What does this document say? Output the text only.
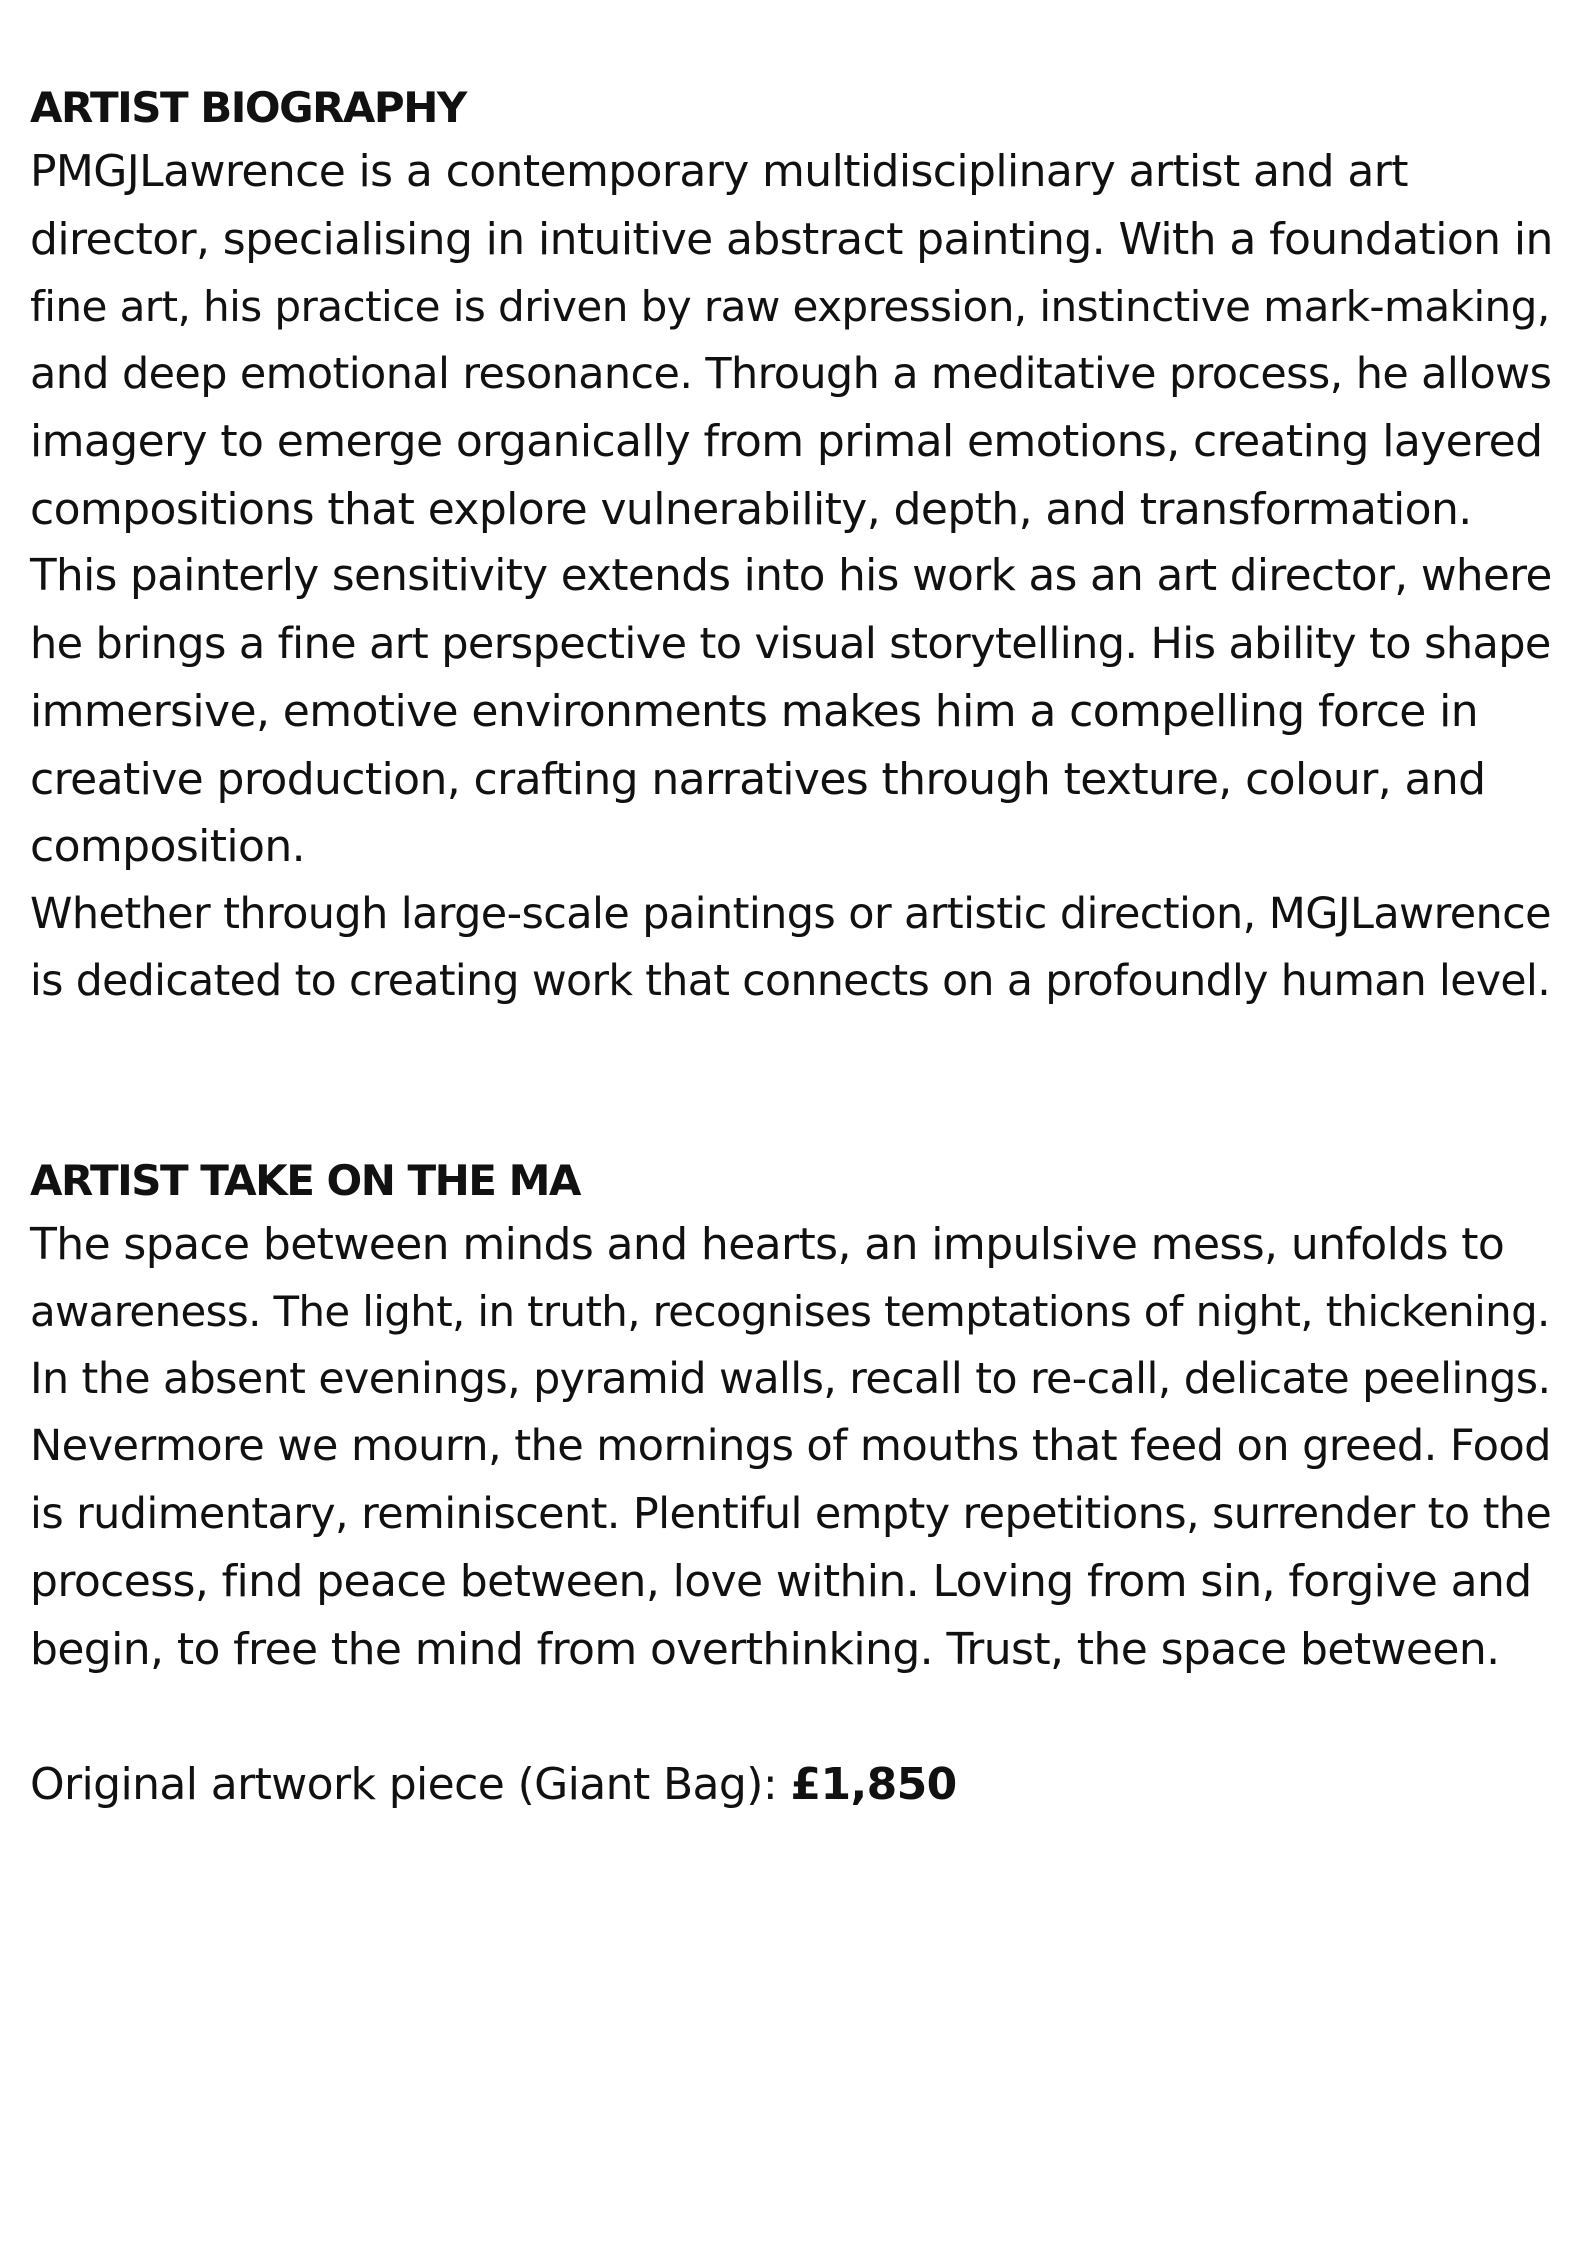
ARTIST BIOGRAPHY

PMGJLawrence is a contemporary multidisciplinary artist and art
director, specialising in intuitive abstract painting. With a foundation in
fine art, his practice is driven by raw expression, instinctive mark-making,
and deep emotional resonance. Through a meditative process, he allows
imagery to emerge organically from primal emotions, creating layered
compositions that explore vulnerability, depth, and transformation.

This painterly sensitivity extends into his work as an art director, where
he brings a fine art perspective to visual storytelling. His ability to shape
immersive, emotive environments makes him a compelling force in
creative production, crafting narratives through texture, colour, and
composition.

Whether through large-scale paintings or artistic direction, MGJLawrence
is dedicated to creating work that connects on a profoundly human level.

ARTIST TAKE ON THE MA

The space between minds and hearts, an impulsive mess, unfolds to
awareness. The light, in truth, recognises temptations of night, thickening.
In the absent evenings, pyramid walls, recall to re-call, delicate peelings.
Nevermore we mourn, the mornings of mouths that feed on greed. Food
is rudimentary, reminiscent. Plentiful empty repetitions, surrender to the
process, find peace between, love within. Loving from sin, forgive and
begin, to free the mind from overthinking. Trust, the space between.

Original artwork piece (Giant Bag): £1,850
